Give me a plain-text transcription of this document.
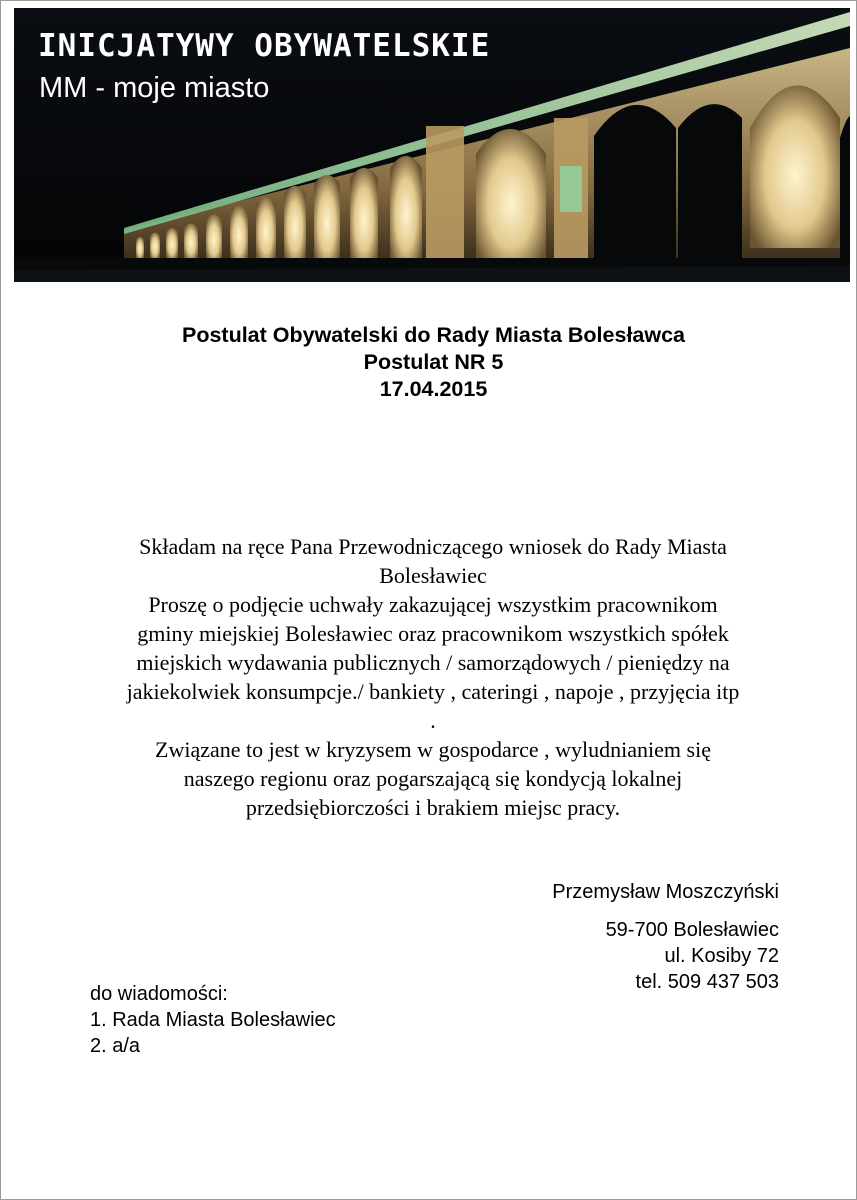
INICJATYWY OBYWATELSKIE
MM - moje miasto
Postulat Obywatelski do Rady Miasta Bolesławca
Postulat NR 5
17.04.2015
Składam na ręce Pana Przewodniczącego wniosek do Rady Miasta
Bolesławiec
Proszę o podjęcie uchwały zakazującej wszystkim pracownikom
gminy miejskiej Bolesławiec oraz pracownikom wszystkich spółek
miejskich wydawania publicznych / samorządowych / pieniędzy na
jakiekolwiek konsumpcje./ bankiety , cateringi , napoje , przyjęcia itp
.
Związane to jest w kryzysem w gospodarce , wyludnianiem się
naszego regionu oraz pogarszającą się kondycją lokalnej
przedsiębiorczości i brakiem miejsc pracy.
Przemysław Moszczyński
59-700 Bolesławiec
ul. Kosiby 72
tel. 509 437 503
do wiadomości:
1. Rada Miasta Bolesławiec
2. a/a
